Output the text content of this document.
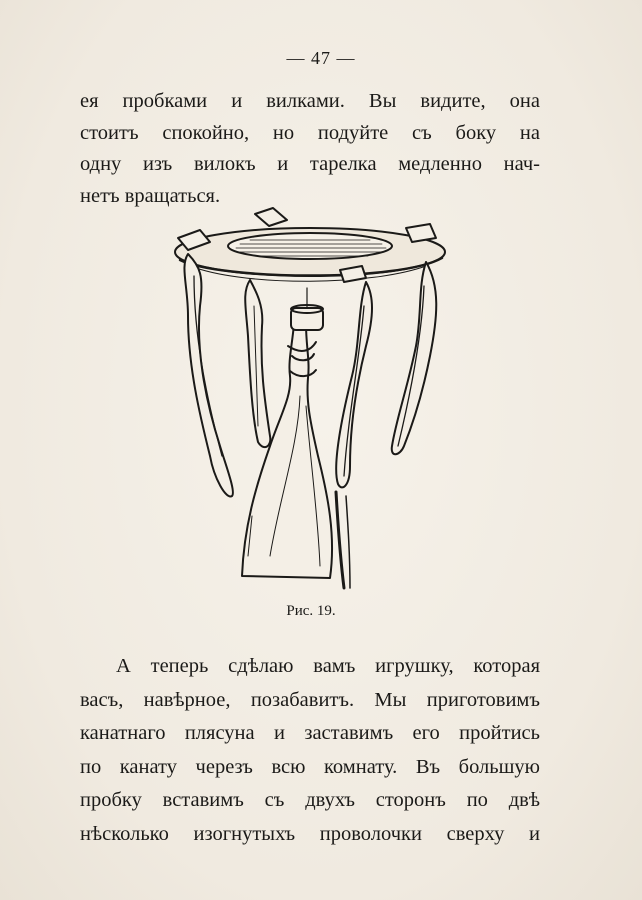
— 47 —
ея пробками и вилками. Вы видите, она
стоитъ спокойно, но подуйте съ боку на
одну изъ вилокъ и тарелка медленно нач-
нетъ вращаться.
Рис. 19.
А теперь сдѣлаю вамъ игрушку, которая
васъ, навѣрное, позабавитъ. Мы приготовимъ
канатнаго плясуна и заставимъ его пройтись
по канату черезъ всю комнату. Въ большую
пробку вставимъ съ двухъ сторонъ по двѣ
нѣсколько изогнутыхъ проволочки сверху и
